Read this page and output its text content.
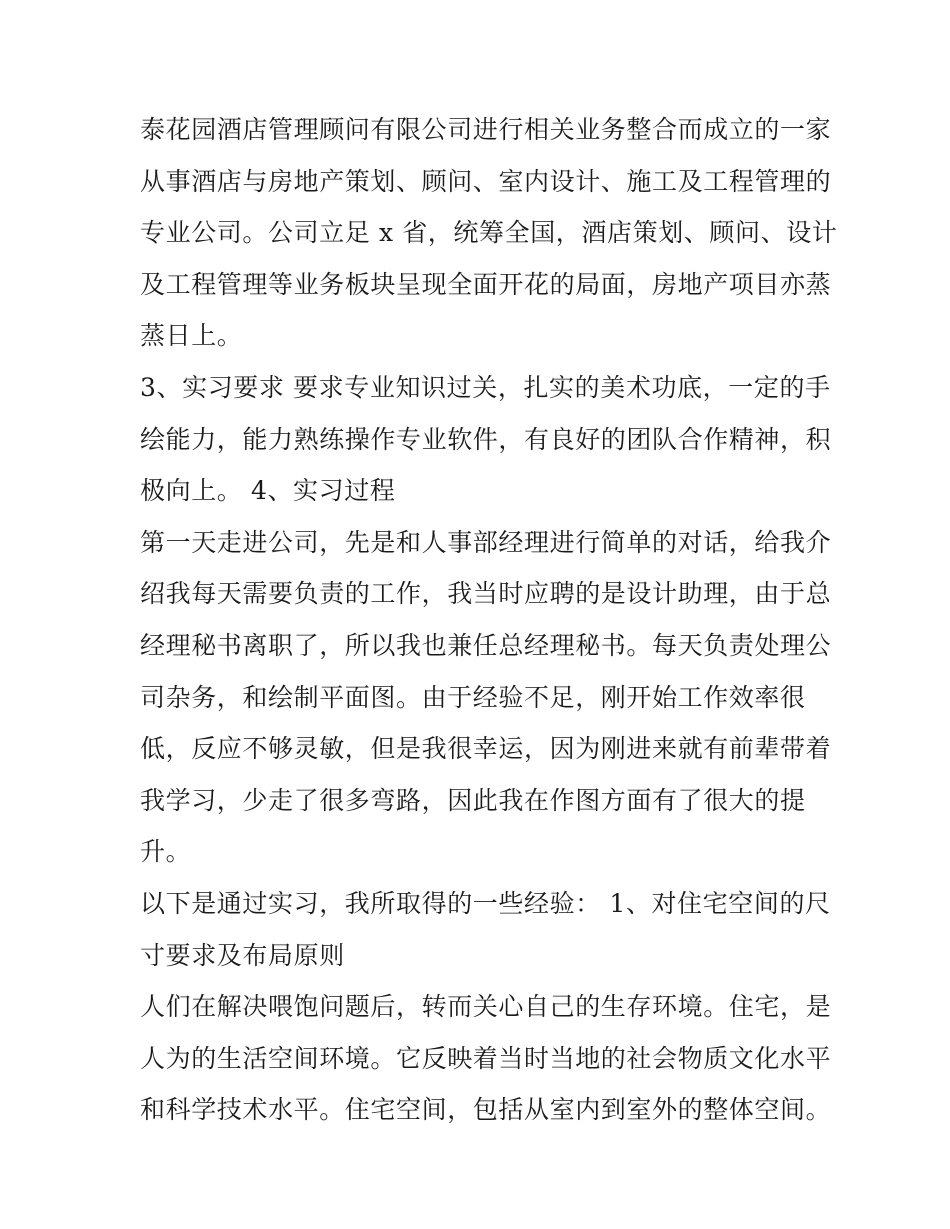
泰花园酒店管理顾问有限公司进行相关业务整合而成立的一家
从事酒店与房地产策划、顾问、室内设计、施工及工程管理的
专业公司。公司立足 x 省，统筹全国，酒店策划、顾问、设计
及工程管理等业务板块呈现全面开花的局面，房地产项目亦蒸
蒸日上。
3、实习要求 要求专业知识过关，扎实的美术功底，一定的手
绘能力，能力熟练操作专业软件，有良好的团队合作精神，积
极向上。 4、实习过程
第一天走进公司，先是和人事部经理进行简单的对话，给我介
绍我每天需要负责的工作，我当时应聘的是设计助理，由于总
经理秘书离职了，所以我也兼任总经理秘书。每天负责处理公
司杂务，和绘制平面图。由于经验不足，刚开始工作效率很
低，反应不够灵敏，但是我很幸运，因为刚进来就有前辈带着
我学习，少走了很多弯路，因此我在作图方面有了很大的提
升。
以下是通过实习，我所取得的一些经验： 1、对住宅空间的尺
寸要求及布局原则
人们在解决喂饱问题后，转而关心自己的生存环境。住宅，是
人为的生活空间环境。它反映着当时当地的社会物质文化水平
和科学技术水平。住宅空间，包括从室内到室外的整体空间。
